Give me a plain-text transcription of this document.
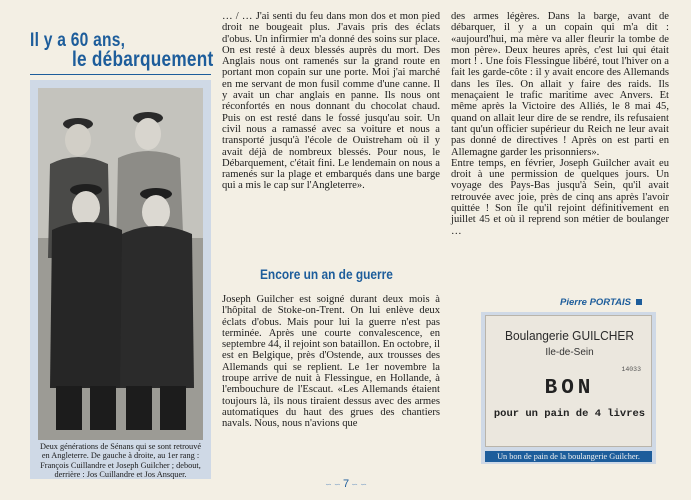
Il y a 60 ans,
le débarquement
Deux générations de Sénans qui se sont retrouvé en Angleterre. De gauche à droite, au 1er rang : François Cuillandre et Joseph Guilcher ; debout, derrière : Jos Cuillandre et Jos Ansquer.

… / … J'ai senti du feu dans mon dos et mon pied droit ne bougeait plus. J'avais pris des éclats d'obus. Un infirmier m'a donné des soins sur place. On est resté à deux blessés auprès du mort. Des Anglais nous ont ramenés sur la grand route en portant mon copain sur une porte. Moi j'ai marché en me servant de mon fusil comme d'une canne. Il y avait un char anglais en panne. Ils nous ont réconfortés en nous donnant du chocolat chaud. Puis on est resté dans le fossé jusqu'au soir. Un civil nous a ramassé avec sa voiture et nous a transporté jusqu'à l'école de Ouistreham où il y avait déjà de nombreux blessés. Pour nous, le Débarquement, c'était fini. Le lendemain on nous a ramenés sur la plage et embarqués dans une barge qui a mis le cap sur l'Angleterre».

Encore un an de guerre

Joseph Guilcher est soigné durant deux mois à l'hôpital de Stoke-on-Trent. On lui enlève deux éclats d'obus. Mais pour lui la guerre n'est pas terminée. Après une courte convalescence, en septembre 44, il rejoint son bataillon. En octobre, il est en Belgique, près d'Ostende, aux trousses des Allemands qui se replient. Le 1er novembre la troupe arrive de nuit à Flessingue, en Hollande, à l'embouchure de l'Escaut. «Les Allemands étaient toujours là, ils nous tiraient dessus avec des armes automatiques du haut des grues des chantiers navals. Nous, nous n'avions que

des armes légères. Dans la barge, avant de débarquer, il y a un copain qui m'a dit : «aujourd'hui, ma mère va aller fleurir la tombe de mon père». Deux heures après, c'est lui qui était mort ! . Une fois Flessingue libéré, tout l'hiver on a fait les garde-côte : il y avait encore des Allemands dans les îles. On allait y faire des raids. Ils menaçaient le trafic maritime avec Anvers. Et même après la Victoire des Alliés, le 8 mai 45, quand on allait leur dire de se rendre, ils refusaient tant qu'un officier supérieur du Reich ne leur avait pas donné de directives ! Après on est parti en Allemagne garder les prisonniers».

Entre temps, en février, Joseph Guilcher avait eu droit à une permission de quelques jours. Un voyage des Pays-Bas jusqu'à Sein, qu'il avait retrouvée avec joie, près de cinq ans après l'avoir quittée ! Son île qu'il rejoint définitivement en juillet 45 et où il reprend son métier de boulanger …

Pierre PORTAIS
Boulangerie GUILCHER
Ile-de-Sein
14033
BON
pour un pain de 4 livres
Un bon de pain de la boulangerie Guilcher.
∽ ∽ 7 ∽ ∽
